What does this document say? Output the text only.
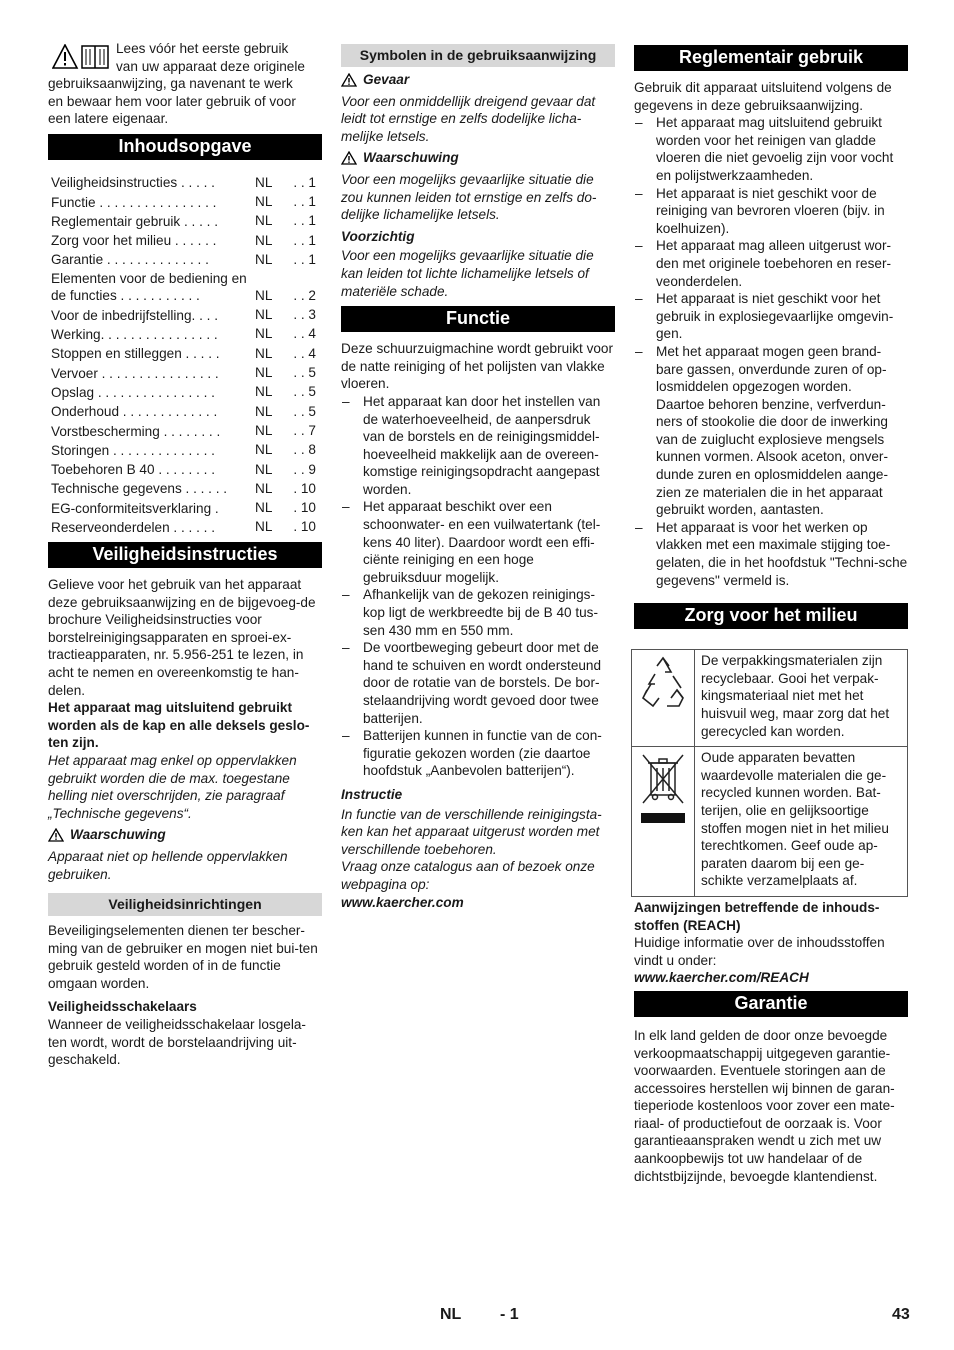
Lees vóór het eerste gebruik
van uw apparaat deze originele
gebruiksaanwijzing, ga navenant te werk
en bewaar hem voor later gebruik of voor
een latere eigenaar.
Inhoudsopgave
Veiligheidsinstructies . . . . .	NL	. . 1
Functie . . . . . . . . . . . . . . . .	NL	. . 1
Reglementair gebruik . . . . .	NL	. . 1
Zorg voor het milieu . . . . . .	NL	. . 1
Garantie . . . . . . . . . . . . . .	NL	. . 1
Elementen voor de bediening en de functies . . . . . . . . . . .	NL	. . 2
Voor de inbedrijfstelling. . . .	NL	. . 3
Werking. . . . . . . . . . . . . . . .	NL	. . 4
Stoppen en stilleggen . . . . .	NL	. . 4
Vervoer . . . . . . . . . . . . . . . .	NL	. . 5
Opslag . . . . . . . . . . . . . . . .	NL	. . 5
Onderhoud . . . . . . . . . . . . .	NL	. . 5
Vorstbescherming . . . . . . . .	NL	. . 7
Storingen . . . . . . . . . . . . . .	NL	. . 8
Toebehoren B 40 . . . . . . . .	NL	. . 9
Technische gegevens . . . . . .	NL	. 10
EG-conformiteitsverklaring .	NL	. 10
Reserveonderdelen . . . . . .	NL	. 10
Veiligheidsinstructies

Gelieve voor het gebruik van het apparaat deze gebruiksaanwijzing en de bijgevoeg-de brochure Veiligheidsinstructies voor borstelreinigingsapparaten en sproei-ex-tractieapparaten, nr. 5.956-251 te lezen, in acht te nemen en overeenkomstig te han-delen.

Het apparaat mag uitsluitend gebruikt worden als de kap en alle deksels geslo-ten zijn.

Het apparaat mag enkel op oppervlakken gebruikt worden die de max. toegestane helling niet overschrijden, zie paragraaf „Technische gegevens“.

Waarschuwing

Apparaat niet op hellende oppervlakken gebruiken.

Veiligheidsinrichtingen

Beveiligingselementen dienen ter bescher-ming van de gebruiker en mogen niet bui-ten gebruik gesteld worden of in de functie omgaan worden.

Veiligheidsschakelaars

Wanneer de veiligheidsschakelaar losgela-ten wordt, wordt de borstelaandrijving uit-geschakeld.

Symbolen in de gebruiksaanwijzing
Gevaar

Voor een onmiddellijk dreigend gevaar dat leidt tot ernstige en zelfs dodelijke licha-melijke letsels.

Waarschuwing

Voor een mogelijks gevaarlijke situatie die zou kunnen leiden tot ernstige en zelfs do-delijke lichamelijke letsels.

Voorzichtig

Voor een mogelijks gevaarlijke situatie die kan leiden tot lichte lichamelijke letsels of materiële schade.

Functie

Deze schuurzuigmachine wordt gebruikt voor de natte reiniging of het polijsten van vlakke vloeren.

– Het apparaat kan door het instellen van de waterhoeveelheid, de aanpersdruk van de borstels en de reinigingsmiddel-hoeveelheid makkelijk aan de overeen-komstige reinigingsopdracht aangepast worden.
– Het apparaat beschikt over een schoonwater- en een vuilwatertank (tel-kens 40 liter). Daardoor wordt een effi-ciënte reiniging en een hoge gebruiksduur mogelijk.
– Afhankelijk van de gekozen reinigings-kop ligt de werkbreedte bij de B 40 tus-sen 430 mm en 550 mm.
– De voortbeweging gebeurt door met de hand te schuiven en wordt ondersteund door de rotatie van de borstels. De bor-stelaandrijving wordt gevoed door twee batterijen.
– Batterijen kunnen in functie van de con-figuratie gekozen worden (zie daartoe hoofdstuk „Aanbevolen batterijen“).

Instructie

In functie van de verschillende reinigingsta-ken kan het apparaat uitgerust worden met verschillende toebehoren.

Vraag onze catalogus aan of bezoek onze webpagina op:

www.kaercher.com

Reglementair gebruik

Gebruik dit apparaat uitsluitend volgens de gegevens in deze gebruiksaanwijzing.

– Het apparaat mag uitsluitend gebruikt worden voor het reinigen van gladde vloeren die niet gevoelig zijn voor vocht en polijstwerkzaamheden.
– Het apparaat is niet geschikt voor de reiniging van bevroren vloeren (bijv. in koelhuizen).
– Het apparaat mag alleen uitgerust wor-den met originele toebehoren en reser-veonderdelen.
– Het apparaat is niet geschikt voor het gebruik in explosiegevaarlijke omgevin-gen.
– Met het apparaat mogen geen brand-bare gassen, onverdunde zuren of op-losmiddelen opgezogen worden.

Daartoe behoren benzine, verfverdun-ners of stookolie die door de inwerking van de zuiglucht explosieve mengsels kunnen vormen. Alsook aceton, onver-dunde zuren en oplosmiddelen aange-zien ze materialen die in het apparaat gebruikt worden, aantasten.

– Het apparaat is voor het werken op vlakken met een maximale stijging toe-gelaten, die in het hoofdstuk "Techni-sche gegevens" vermeld is.
Zorg voor het milieu
De verpakkingsmaterialen zijn recyclebaar. Gooi het verpak-kingsmateriaal niet met het huisvuil weg, maar zorg dat het gerecycled kan worden.
Oude apparaten bevatten waardevolle materialen die ge-recycled kunnen worden. Bat-terijen, olie en gelijksoortige stoffen mogen niet in het milieu terechtkomen. Geef oude ap-paraten daarom bij een ge-schikte verzamelplaats af.

Aanwijzingen betreffende de inhouds-stoffen (REACH)

Huidige informatie over de inhoudsstoffen vindt u onder:

www.kaercher.com/REACH

Garantie

In elk land gelden de door onze bevoegde verkoopmaatschappij uitgegeven garantie-voorwaarden. Eventuele storingen aan de accessoires herstellen wij binnen de garan-tieperiode kostenloos voor zover een mate-riaal- of productiefout de oorzaak is. Voor garantieaanspraken wendt u zich met uw aankoopbewijs tot uw handelaar of de dichtstbijzijnde, bevoegde klantendienst.

NL - 1	43
